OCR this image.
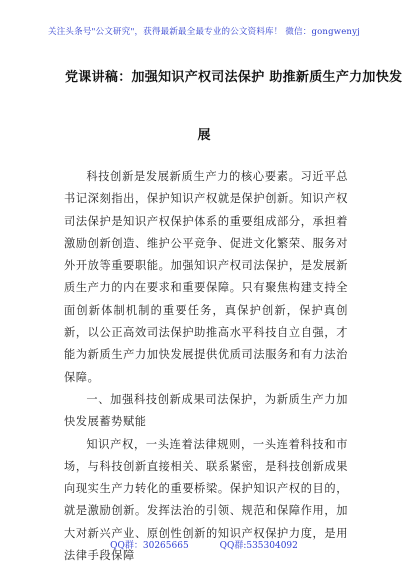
关注头条号"公文研究"，获得最新最全最专业的公文资料库！ 微信：gongwenyj
党课讲稿：加强知识产权司法保护 助推新质生产力加快发
展

科技创新是发展新质生产力的核心要素。习近平总书记深刻指出，保护知识产权就是保护创新。知识产权司法保护是知识产权保护体系的重要组成部分，承担着激励创新创造、维护公平竞争、促进文化繁荣、服务对外开放等重要职能。加强知识产权司法保护，是发展新质生产力的内在要求和重要保障。只有聚焦构建支持全面创新体制机制的重要任务，真保护创新，保护真创新，以公正高效司法保护助推高水平科技自立自强，才能为新质生产力加快发展提供优质司法服务和有力法治保障。

一、加强科技创新成果司法保护，为新质生产力加快发展蓄势赋能

知识产权，一头连着法律规则，一头连着科技和市场，与科技创新直接相关、联系紧密，是科技创新成果向现实生产力转化的重要桥梁。保护知识产权的目的，就是激励创新。发挥法治的引领、规范和保障作用，加大对新兴产业、原创性创新的知识产权保护力度，是用法律手段保障

QQ群：30265665	QQ群:535304092
